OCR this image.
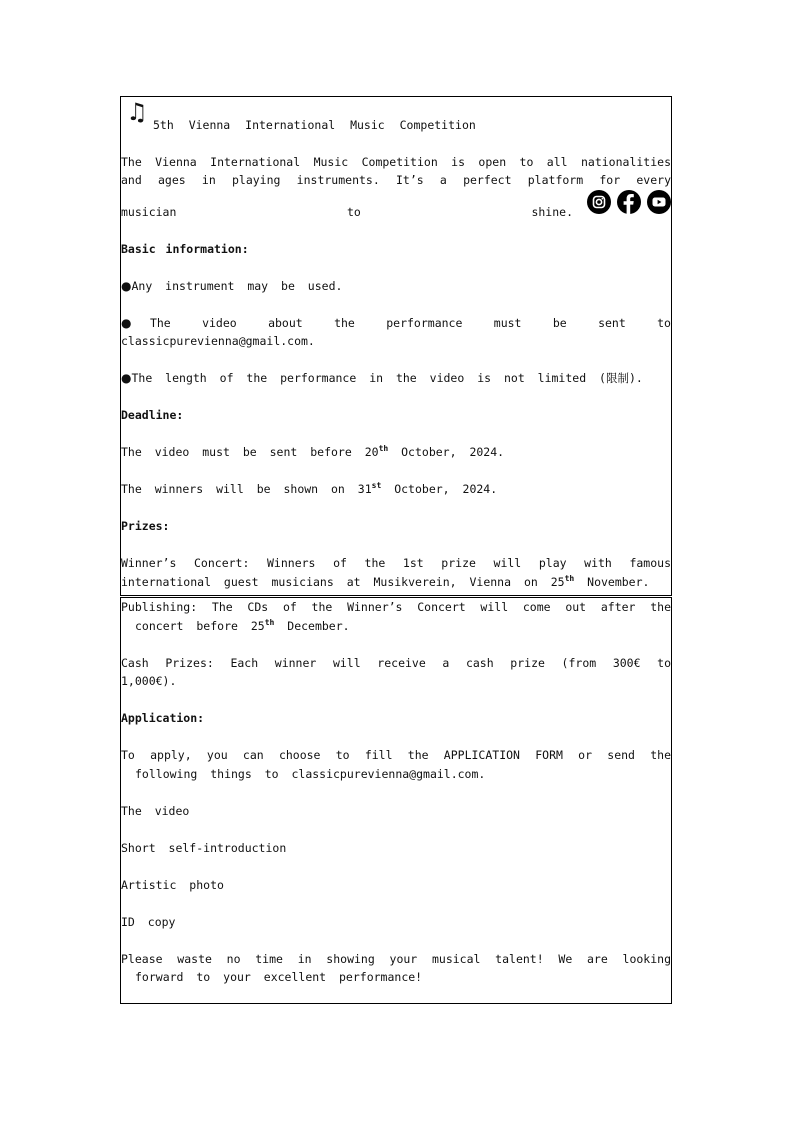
♫ 5th Vienna International Music Competition
The Vienna International Music Competition is open to all nationalities and ages in playing instruments. It’s a perfect platform for every musician to shine.

Basic information:

●Any instrument may be used.

●The video about the performance must be sent to classicpurevienna@gmail.com.

●The length of the performance in the video is not limited (限制).

Deadline:

The video must be sent before 20th October, 2024.

The winners will be shown on 31st October, 2024.

Prizes:

Winner’s Concert: Winners of the 1st prize will play with famous international guest musicians at Musikverein, Vienna on 25th November.

Publishing: The CDs of the Winner’s Concert will come out after the concert before 25th December.

Cash Prizes: Each winner will receive a cash prize (from 300€ to 1,000€).

Application:

To apply, you can choose to fill the APPLICATION FORM or send the following things to classicpurevienna@gmail.com.

The video

Short self-introduction

Artistic photo

ID copy

Please waste no time in showing your musical talent! We are looking forward to your excellent performance!
